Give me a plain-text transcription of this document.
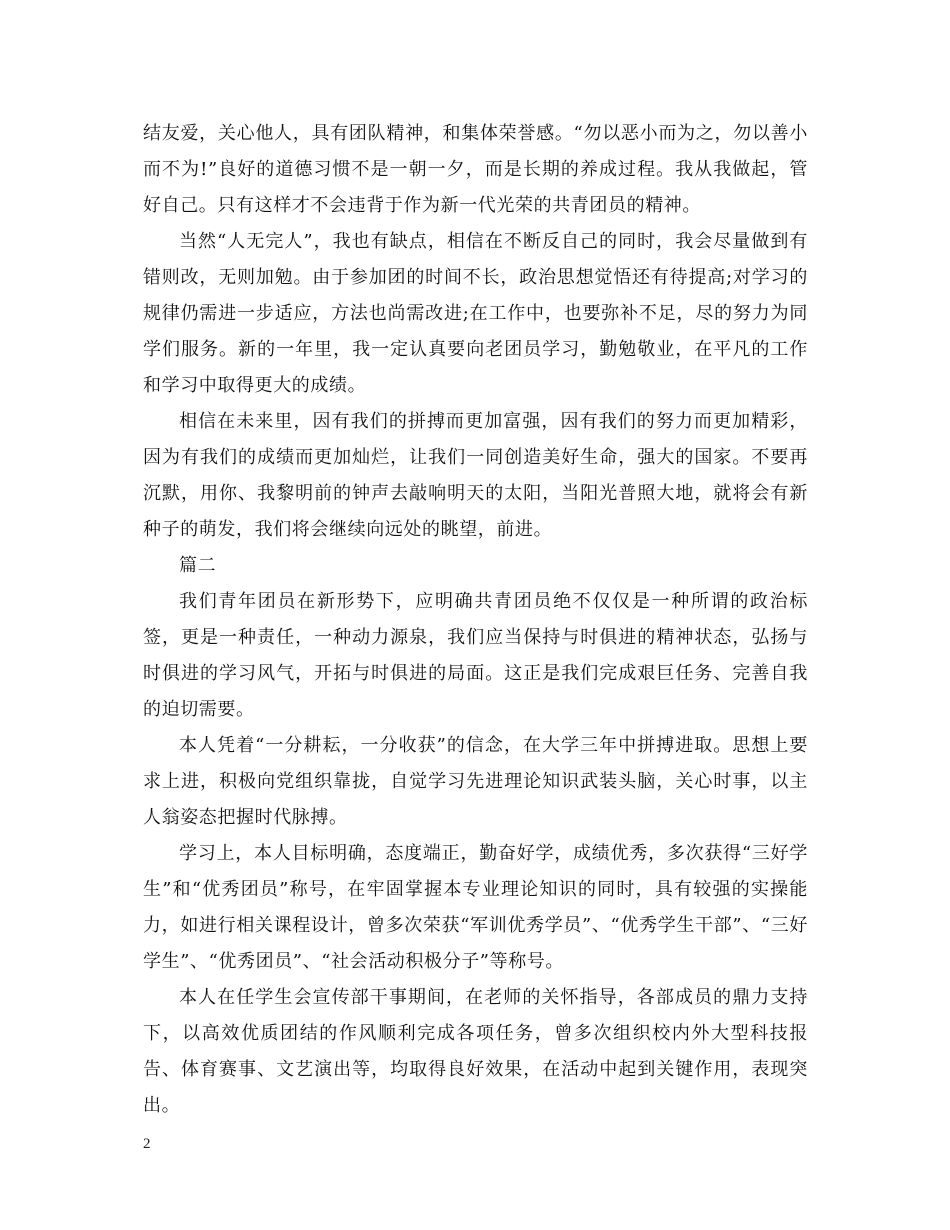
结友爱，关心他人，具有团队精神，和集体荣誉感。“勿以恶小而为之，勿以善小而不为!”良好的道德习惯不是一朝一夕，而是长期的养成过程。我从我做起，管好自己。只有这样才不会违背于作为新一代光荣的共青团员的精神。

当然“人无完人”，我也有缺点，相信在不断反自己的同时，我会尽量做到有错则改，无则加勉。由于参加团的时间不长，政治思想觉悟还有待提高;对学习的规律仍需进一步适应，方法也尚需改进;在工作中，也要弥补不足，尽的努力为同学们服务。新的一年里，我一定认真要向老团员学习，勤勉敬业，在平凡的工作和学习中取得更大的成绩。

相信在未来里，因有我们的拼搏而更加富强，因有我们的努力而更加精彩，因为有我们的成绩而更加灿烂，让我们一同创造美好生命，强大的国家。不要再沉默，用你、我黎明前的钟声去敲响明天的太阳，当阳光普照大地，就将会有新种子的萌发，我们将会继续向远处的眺望，前进。

篇二

我们青年团员在新形势下，应明确共青团员绝不仅仅是一种所谓的政治标签，更是一种责任，一种动力源泉，我们应当保持与时俱进的精神状态，弘扬与时俱进的学习风气，开拓与时俱进的局面。这正是我们完成艰巨任务、完善自我的迫切需要。

本人凭着“一分耕耘，一分收获”的信念，在大学三年中拼搏进取。思想上要求上进，积极向党组织靠拢，自觉学习先进理论知识武装头脑，关心时事，以主人翁姿态把握时代脉搏。

学习上，本人目标明确，态度端正，勤奋好学，成绩优秀，多次获得“三好学生”和“优秀团员”称号，在牢固掌握本专业理论知识的同时，具有较强的实操能力，如进行相关课程设计，曾多次荣获“军训优秀学员”、“优秀学生干部”、“三好学生”、“优秀团员”、“社会活动积极分子”等称号。

本人在任学生会宣传部干事期间，在老师的关怀指导，各部成员的鼎力支持下，以高效优质团结的作风顺利完成各项任务，曾多次组织校内外大型科技报告、体育赛事、文艺演出等，均取得良好效果，在活动中起到关键作用，表现突出。

2
